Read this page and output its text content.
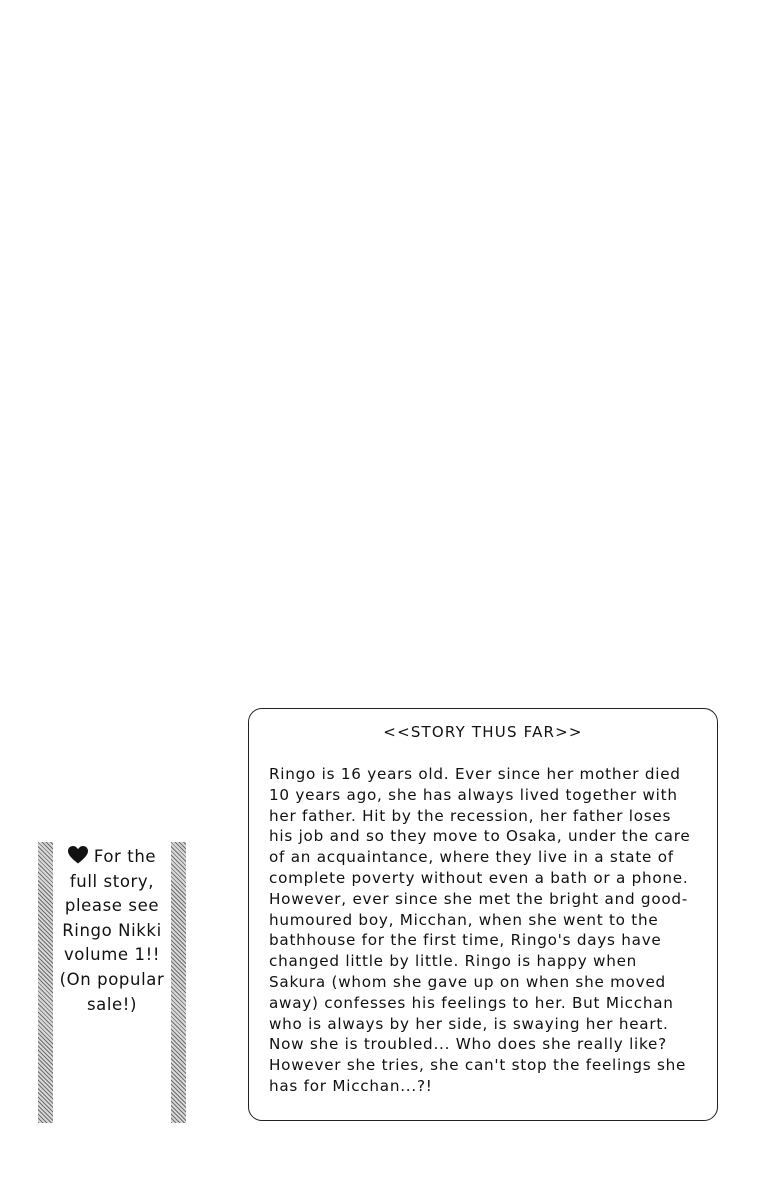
For the
full story,
please see
Ringo Nikki
volume 1!!
(On popular
sale!)
<<STORY THUS FAR>>
Ringo is 16 years old. Ever since her mother died
10 years ago, she has always lived together with
her father. Hit by the recession, her father loses
his job and so they move to Osaka, under the care
of an acquaintance, where they live in a state of
complete poverty without even a bath or a phone.
However, ever since she met the bright and good-
humoured boy, Micchan, when she went to the
bathhouse for the first time, Ringo's days have
changed little by little. Ringo is happy when
Sakura (whom she gave up on when she moved
away) confesses his feelings to her. But Micchan
who is always by her side, is swaying her heart.
Now she is troubled... Who does she really like?
However she tries, she can't stop the feelings she
has for Micchan...?!
